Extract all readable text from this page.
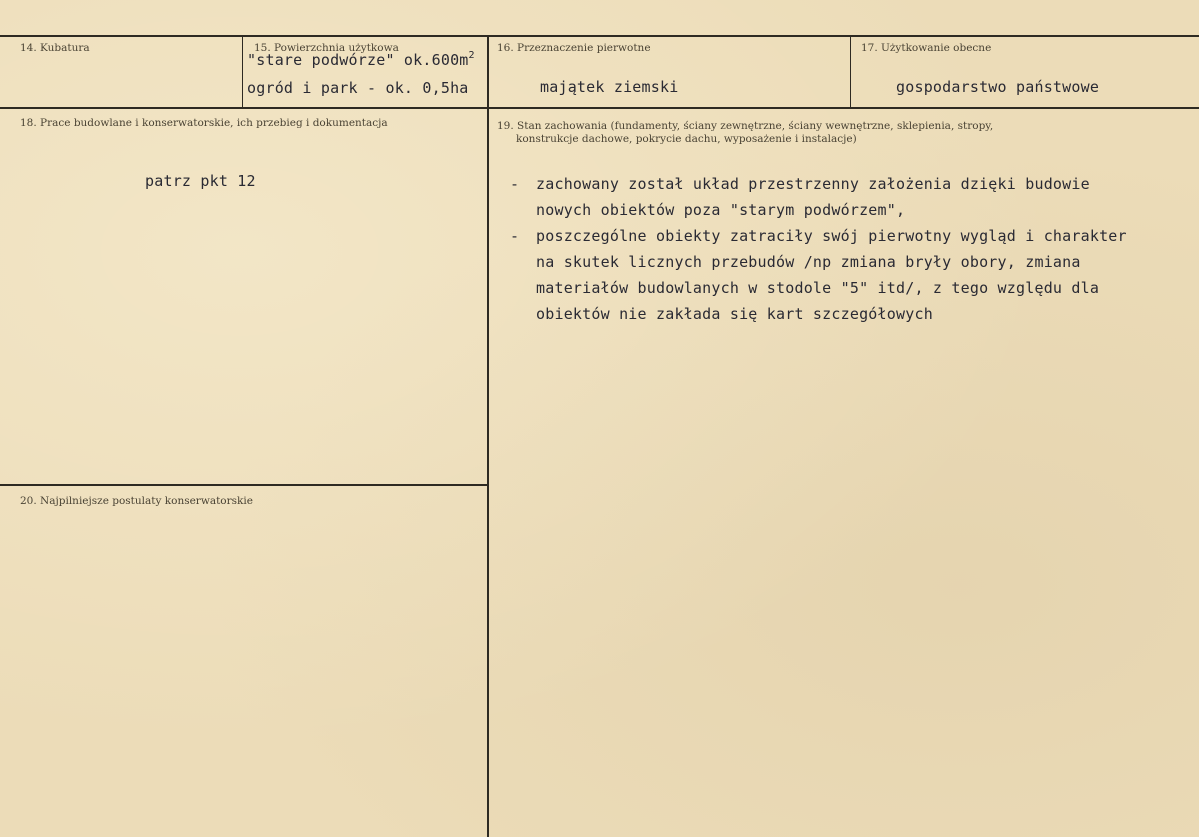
14. Kubatura	15. Powierzchnia użytkowa
"stare podwórze" $ok.600m^2$
ogród i park - ok. 0,5ha
16. Przeznaczenie pierwotne
majątek ziemski
17. Użytkowanie obecne
gospodarstwo państwowe
18. Prace budowlane i konserwatorskie, ich przebieg i dokumentacja
patrz pkt 12
19. Stan zachowania (fundamenty, ściany zewnętrzne, ściany wewnętrzne, sklepienia, stropy,
konstrukcje dachowe, pokrycie dachu, wyposażenie i instalacje)
- zachowany został układ przestrzenny założenia dzięki budowie
nowych obiektów poza "starym podwórzem",
- poszczególne obiekty zatraciły swój pierwotny wygląd i charakter
na skutek licznych przebudów /np zmiana bryły obory, zmiana
materiałów budowlanych w stodole "5" itd/, z tego względu dla
obiektów nie zakłada się kart szczegółowych
20. Najpilniejsze postulaty konserwatorskie
